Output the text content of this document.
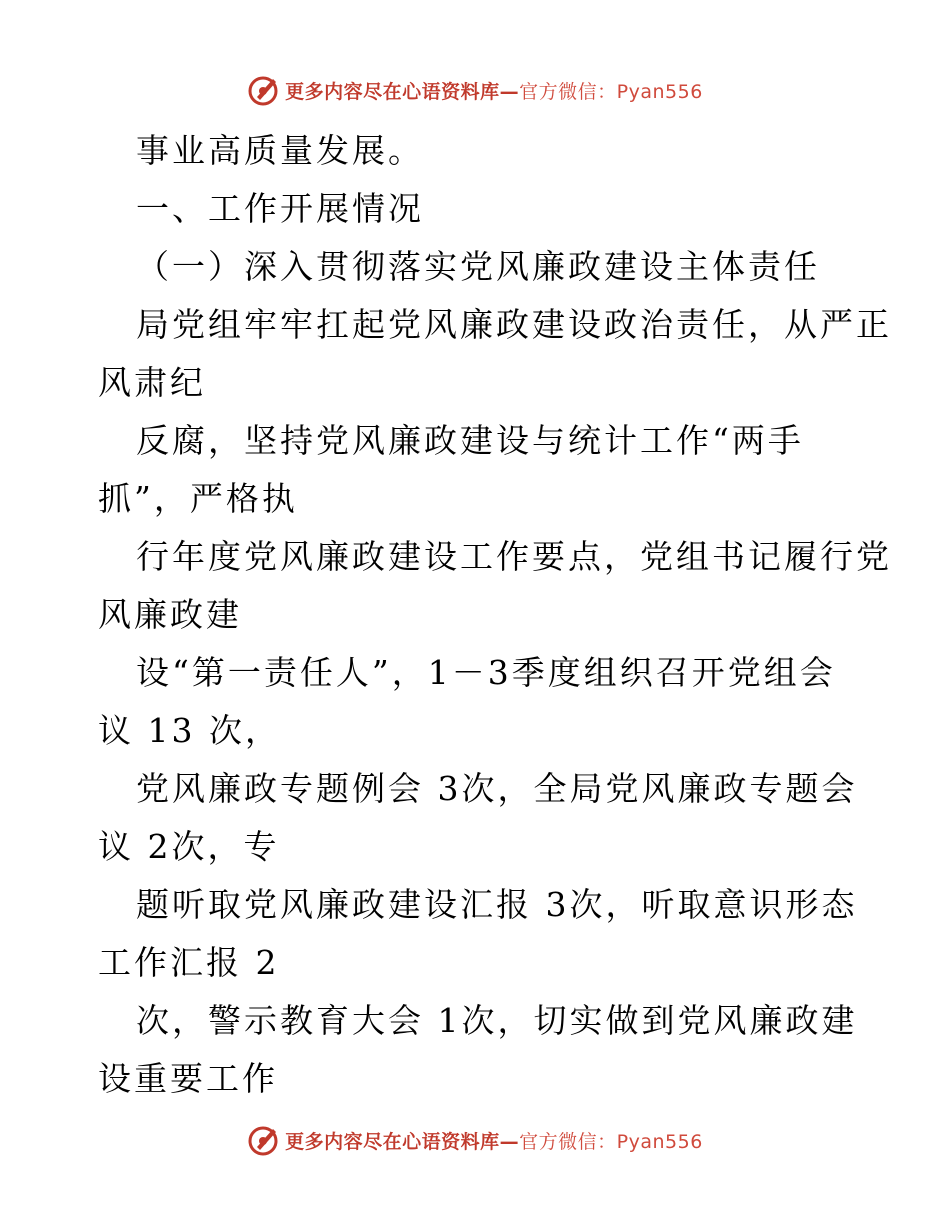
更多内容尽在心语资料库—官方微信：Pyan556
事业高质量发展。
一、工作开展情况
（一）深入贯彻落实党风廉政建设主体责任
局党组牢牢扛起党风廉政建设政治责任，从严正
风肃纪
反腐，坚持党风廉政建设与统计工作“两手
抓”，严格执
行年度党风廉政建设工作要点，党组书记履行党
风廉政建
设“第一责任人”，1－3季度组织召开党组会
议 13 次，
党风廉政专题例会 3次，全局党风廉政专题会
议 2次，专
题听取党风廉政建设汇报 3次，听取意识形态
工作汇报 2
次，警示教育大会 1次，切实做到党风廉政建
设重要工作
更多内容尽在心语资料库—官方微信：Pyan556
